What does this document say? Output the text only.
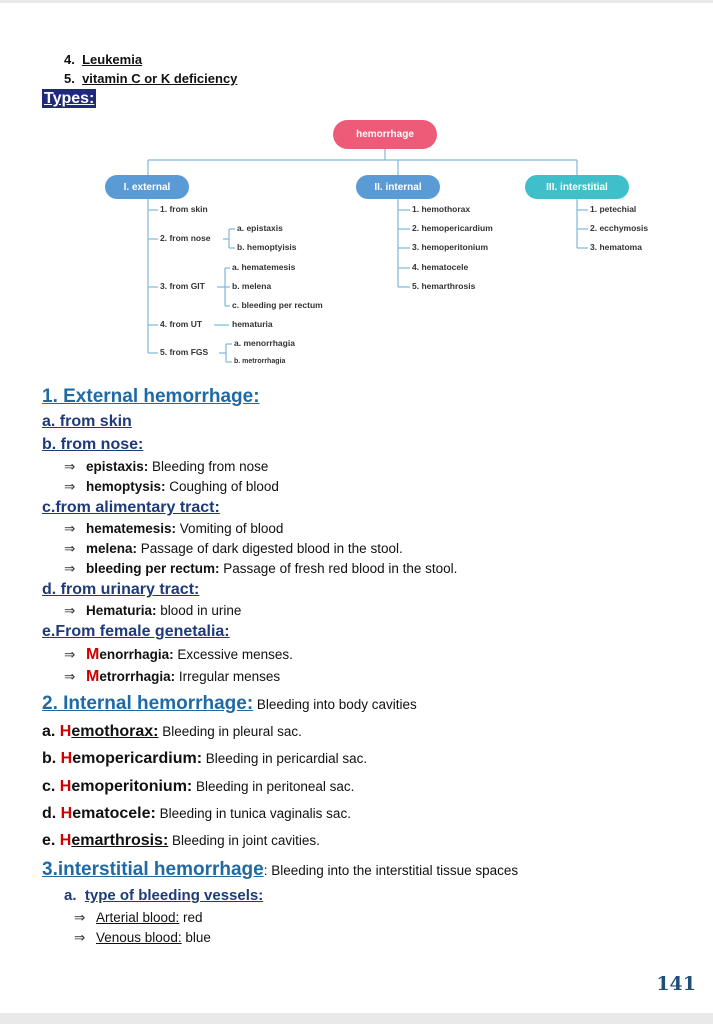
4. Leukemia
5. vitamin C or K deficiency
Types:
hemorrhage
I. external	II. internal	III. interstitial
1. from skin
2. from nose
3. from GIT
4. from UT
5. from FGS
a. epistaxis
b. hemoptyisis
a. hematemesis
b. melena
c. bleeding per rectum
hematuria
a. menorrhagia
b. metrorrhagia
1. hemothorax
2. hemopericardium
3. hemoperitonium
4. hematocele
5. hemarthrosis
1. petechial
2. ecchymosis
3. hematoma
1. External hemorrhage:
a. from skin
b. from nose:
⇒ epistaxis: Bleeding from nose
⇒ hemoptysis: Coughing of blood
c.from alimentary tract:
⇒ hematemesis: Vomiting of blood
⇒ melena: Passage of dark digested blood in the stool.
⇒ bleeding per rectum: Passage of fresh red blood in the stool.
d. from urinary tract:
⇒ Hematuria: blood in urine
e.From female genetalia:
⇒ Menorrhagia: Excessive menses.
⇒ Metrorrhagia: Irregular menses
2. Internal hemorrhage: Bleeding into body cavities
a. Hemothorax: Bleeding in pleural sac.
b. Hemopericardium: Bleeding in pericardial sac.
c. Hemoperitonium: Bleeding in peritoneal sac.
d. Hematocele: Bleeding in tunica vaginalis sac.
e. Hemarthrosis: Bleeding in joint cavities.
3.interstitial hemorrhage: Bleeding into the interstitial tissue spaces
a. type of bleeding vessels:
⇒ Arterial blood: red
⇒ Venous blood: blue
141
